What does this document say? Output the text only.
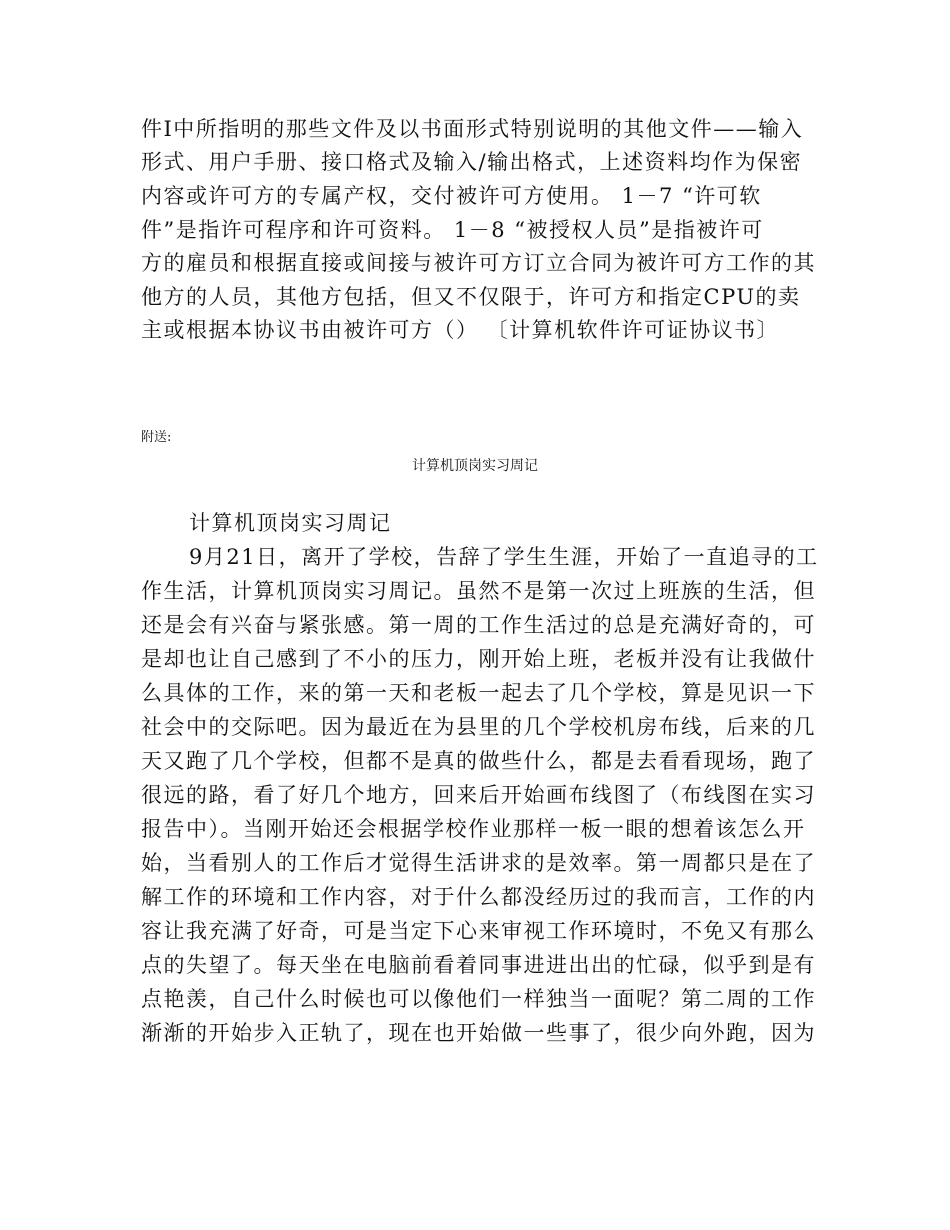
件Ⅰ中所指明的那些文件及以书面形式特别说明的其他文件——输入
形式、用户手册、接口格式及输入/输出格式，上述资料均作为保密
内容或许可方的专属产权，交付被许可方使用。 1－7 “许可软
件”是指许可程序和许可资料。 1－8 “被授权人员”是指被许可
方的雇员和根据直接或间接与被许可方订立合同为被许可方工作的其
他方的人员，其他方包括，但又不仅限于，许可方和指定CPU的卖
主或根据本协议书由被许可方（） 〔计算机软件许可证协议书〕
附送:
计算机顶岗实习周记
计算机顶岗实习周记
9月21日，离开了学校，告辞了学生生涯，开始了一直追寻的工
作生活，计算机顶岗实习周记。虽然不是第一次过上班族的生活，但
还是会有兴奋与紧张感。第一周的工作生活过的总是充满好奇的，可
是却也让自己感到了不小的压力，刚开始上班，老板并没有让我做什
么具体的工作，来的第一天和老板一起去了几个学校，算是见识一下
社会中的交际吧。因为最近在为县里的几个学校机房布线，后来的几
天又跑了几个学校，但都不是真的做些什么，都是去看看现场，跑了
很远的路，看了好几个地方，回来后开始画布线图了（布线图在实习
报告中）。当刚开始还会根据学校作业那样一板一眼的想着该怎么开
始，当看别人的工作后才觉得生活讲求的是效率。第一周都只是在了
解工作的环境和工作内容，对于什么都没经历过的我而言，工作的内
容让我充满了好奇，可是当定下心来审视工作环境时，不免又有那么
点的失望了。每天坐在电脑前看着同事进进出出的忙碌，似乎到是有
点艳羡，自己什么时候也可以像他们一样独当一面呢？第二周的工作
渐渐的开始步入正轨了，现在也开始做一些事了，很少向外跑，因为
